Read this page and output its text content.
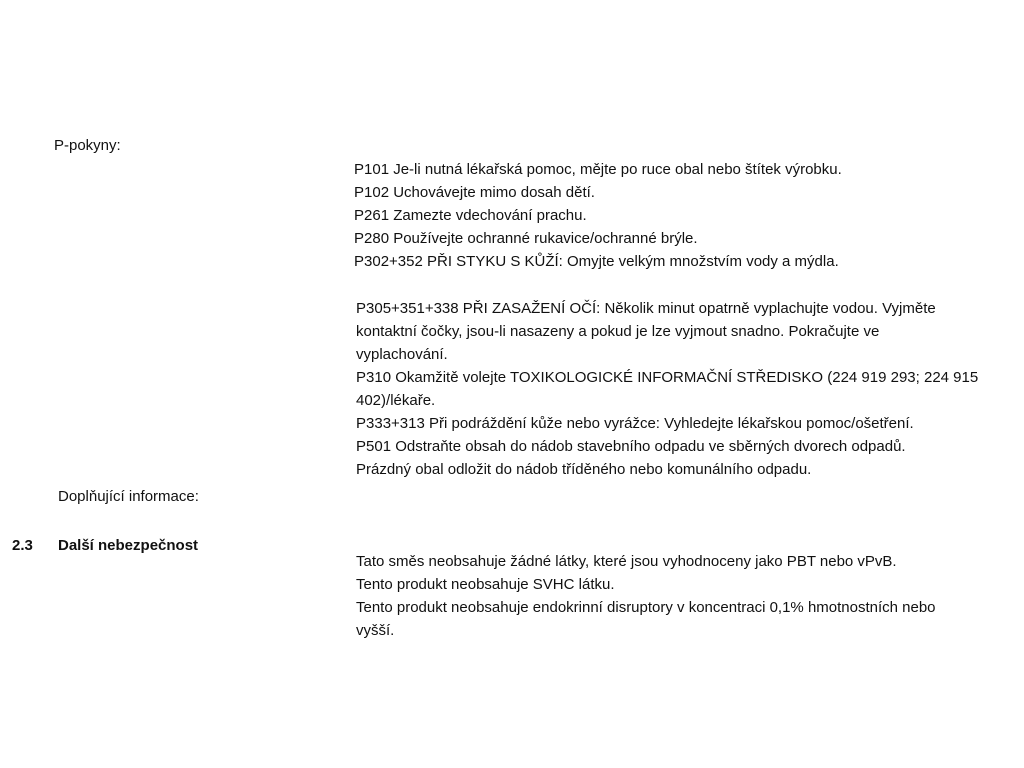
P-pokyny:
P101 Je-li nutná lékařská pomoc, mějte po ruce obal nebo štítek výrobku.
P102 Uchovávejte mimo dosah dětí.
P261 Zamezte vdechování prachu.
P280 Používejte ochranné rukavice/ochranné brýle.
P302+352 PŘI STYKU S KŮŽÍ: Omyjte velkým množstvím vody a mýdla.
P305+351+338 PŘI ZASAŽENÍ OČÍ: Několik minut opatrně vyplachujte vodou. Vyjměte
kontaktní čočky, jsou-li nasazeny a pokud je lze vyjmout snadno. Pokračujte ve
vyplachování.
P310 Okamžitě volejte TOXIKOLOGICKÉ INFORMAČNÍ STŘEDISKO (224 919 293; 224 915
402)/lékaře.
P333+313 Při podráždění kůže nebo vyrážce: Vyhledejte lékařskou pomoc/ošetření.
P501 Odstraňte obsah do nádob stavebního odpadu ve sběrných dvorech odpadů.
Prázdný obal odložit do nádob tříděného nebo komunálního odpadu.
Doplňující informace:
2.3 Další nebezpečnost
Tato směs neobsahuje žádné látky, které jsou vyhodnoceny jako PBT nebo vPvB.
Tento produkt neobsahuje SVHC látku.
Tento produkt neobsahuje endokrinní disruptory v koncentraci 0,1% hmotnostních nebo
vyšší.
